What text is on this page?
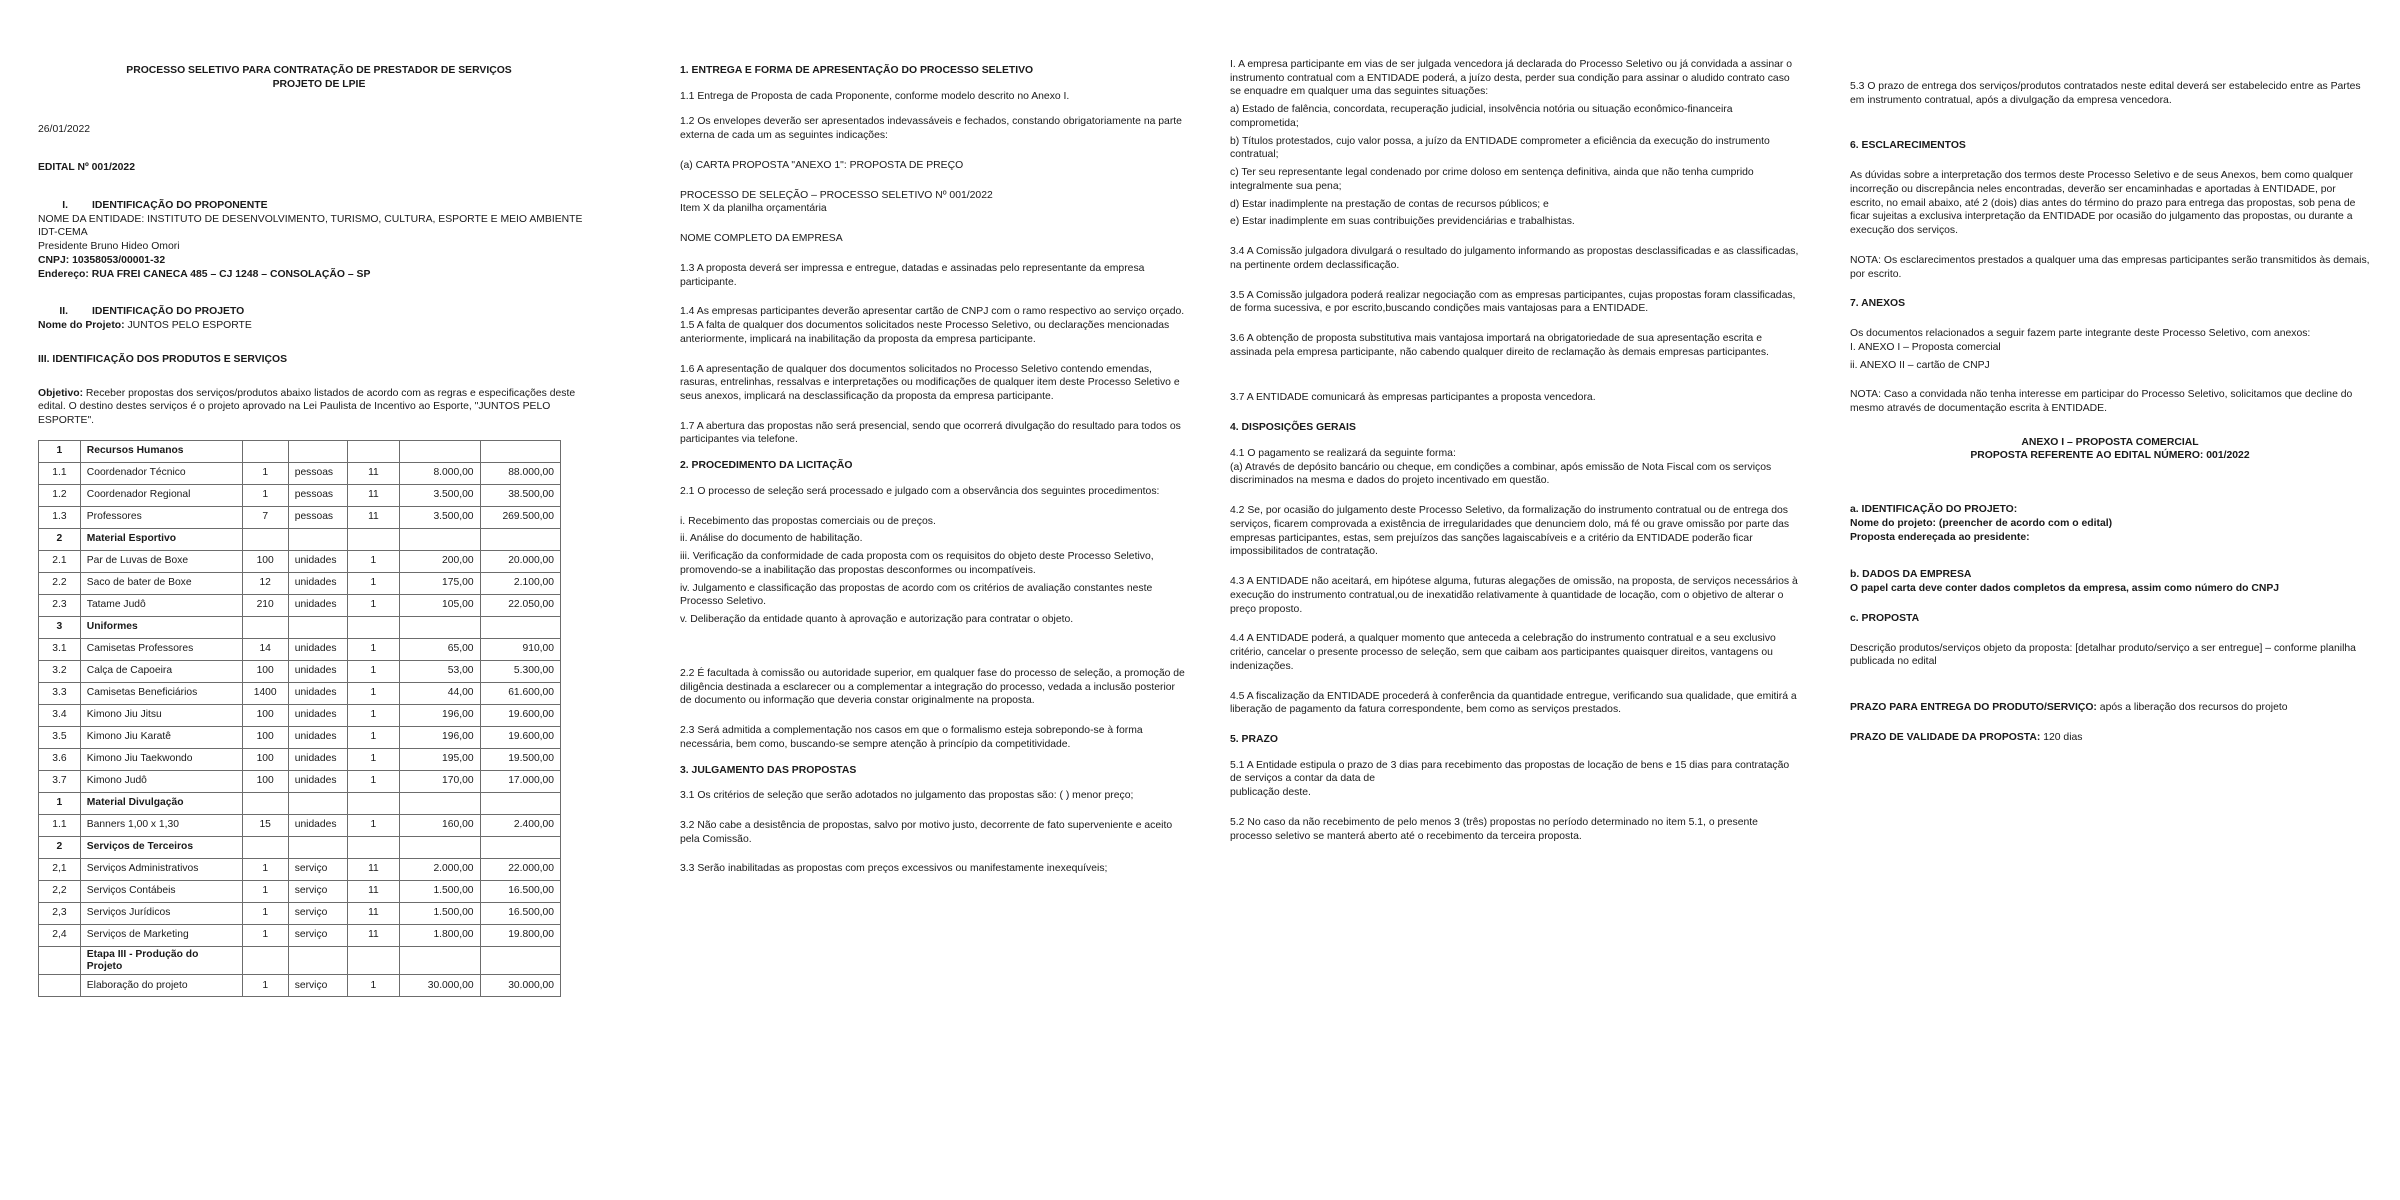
PROCESSO SELETIVO PARA CONTRATAÇÃO DE PRESTADOR DE SERVIÇOS

PROJETO DE LPIE

26/01/2022

EDITAL Nº 001/2022

I. IDENTIFICAÇÃO DO PROPONENTE

NOME DA ENTIDADE: INSTITUTO DE DESENVOLVIMENTO, TURISMO, CULTURA, ESPORTE E MEIO AMBIENTE IDT-CEMA

Presidente Bruno Hideo Omori

CNPJ: 10358053/00001-32

Endereço: RUA FREI CANECA 485 – CJ 1248 – CONSOLAÇÃO – SP

II. IDENTIFICAÇÃO DO PROJETO

Nome do Projeto: JUNTOS PELO ESPORTE

III. IDENTIFICAÇÃO DOS PRODUTOS E SERVIÇOS

Objetivo: Receber propostas dos serviços/produtos abaixo listados de acordo com as regras e especificações deste edital. O destino destes serviços é o projeto aprovado na Lei Paulista de Incentivo ao Esporte, "JUNTOS PELO ESPORTE".

1	Recursos Humanos					
1.1	Coordenador Técnico	1	pessoas	11	8.000,00	88.000,00
1.2	Coordenador Regional	1	pessoas	11	3.500,00	38.500,00
1.3	Professores	7	pessoas	11	3.500,00	269.500,00
2	Material Esportivo					
2.1	Par de Luvas de Boxe	100	unidades	1	200,00	20.000,00
2.2	Saco de bater de Boxe	12	unidades	1	175,00	2.100,00
2.3	Tatame Judô	210	unidades	1	105,00	22.050,00
3	Uniformes					
3.1	Camisetas Professores	14	unidades	1	65,00	910,00
3.2	Calça de Capoeira	100	unidades	1	53,00	5.300,00
3.3	Camisetas Beneficiários	1400	unidades	1	44,00	61.600,00
3.4	Kimono Jiu Jitsu	100	unidades	1	196,00	19.600,00
3.5	Kimono Jiu Karatê	100	unidades	1	196,00	19.600,00
3.6	Kimono Jiu Taekwondo	100	unidades	1	195,00	19.500,00
3.7	Kimono Judô	100	unidades	1	170,00	17.000,00
1	Material Divulgação					
1.1	Banners 1,00 x 1,30	15	unidades	1	160,00	2.400,00
2	Serviços de Terceiros					
2,1	Serviços Administrativos	1	serviço	11	2.000,00	22.000,00
2,2	Serviços Contábeis	1	serviço	11	1.500,00	16.500,00
2,3	Serviços Jurídicos	1	serviço	11	1.500,00	16.500,00
2,4	Serviços de Marketing	1	serviço	11	1.800,00	19.800,00
	Etapa III - Produção do Projeto					
	Elaboração do projeto	1	serviço	1	30.000,00	30.000,00

1. ENTREGA E FORMA DE APRESENTAÇÃO DO PROCESSO SELETIVO

1.1 Entrega de Proposta de cada Proponente, conforme modelo descrito no Anexo I.

1.2 Os envelopes deverão ser apresentados indevassáveis e fechados, constando obrigatoriamente na parte externa de cada um as seguintes indicações:

(a) CARTA PROPOSTA "ANEXO 1": PROPOSTA DE PREÇO

PROCESSO DE SELEÇÃO – PROCESSO SELETIVO Nº 001/2022

Item X da planilha orçamentária

NOME COMPLETO DA EMPRESA

1.3 A proposta deverá ser impressa e entregue, datadas e assinadas pelo representante da empresa participante.

1.4 As empresas participantes deverão apresentar cartão de CNPJ com o ramo respectivo ao serviço orçado.

1.5 A falta de qualquer dos documentos solicitados neste Processo Seletivo, ou declarações mencionadas anteriormente, implicará na inabilitação da proposta da empresa participante.

1.6 A apresentação de qualquer dos documentos solicitados no Processo Seletivo contendo emendas, rasuras, entrelinhas, ressalvas e interpretações ou modificações de qualquer item deste Processo Seletivo e seus anexos, implicará na desclassificação da proposta da empresa participante.

1.7 A abertura das propostas não será presencial, sendo que ocorrerá divulgação do resultado para todos os participantes via telefone.

2. PROCEDIMENTO DA LICITAÇÃO

2.1 O processo de seleção será processado e julgado com a observância dos seguintes procedimentos:

i. Recebimento das propostas comerciais ou de preços.

ii. Análise do documento de habilitação.

iii. Verificação da conformidade de cada proposta com os requisitos do objeto deste Processo Seletivo, promovendo-se a inabilitação das propostas desconformes ou incompatíveis.

iv. Julgamento e classificação das propostas de acordo com os critérios de avaliação constantes neste Processo Seletivo.

v. Deliberação da entidade quanto à aprovação e autorização para contratar o objeto.

2.2 É facultada à comissão ou autoridade superior, em qualquer fase do processo de seleção, a promoção de diligência destinada a esclarecer ou a complementar a integração do processo, vedada a inclusão posterior de documento ou informação que deveria constar originalmente na proposta.

2.3 Será admitida a complementação nos casos em que o formalismo esteja sobrepondo-se à forma necessária, bem como, buscando-se sempre atenção à princípio da competitividade.

3. JULGAMENTO DAS PROPOSTAS

3.1 Os critérios de seleção que serão adotados no julgamento das propostas são: ( ) menor preço;

3.2 Não cabe a desistência de propostas, salvo por motivo justo, decorrente de fato superveniente e aceito pela Comissão.

3.3 Serão inabilitadas as propostas com preços excessivos ou manifestamente inexequíveis;

I. A empresa participante em vias de ser julgada vencedora já declarada do Processo Seletivo ou já convidada a assinar o instrumento contratual com a ENTIDADE poderá, a juízo desta, perder sua condição para assinar o aludido contrato caso se enquadre em qualquer uma das seguintes situações:

a) Estado de falência, concordata, recuperação judicial, insolvência notória ou situação econômico-financeira comprometida;

b) Títulos protestados, cujo valor possa, a juízo da ENTIDADE comprometer a eficiência da execução do instrumento contratual;

c) Ter seu representante legal condenado por crime doloso em sentença definitiva, ainda que não tenha cumprido integralmente sua pena;

d) Estar inadimplente na prestação de contas de recursos públicos; e

e) Estar inadimplente em suas contribuições previdenciárias e trabalhistas.

3.4 A Comissão julgadora divulgará o resultado do julgamento informando as propostas desclassificadas e as classificadas, na pertinente ordem declassificação.

3.5 A Comissão julgadora poderá realizar negociação com as empresas participantes, cujas propostas foram classificadas, de forma sucessiva, e por escrito,buscando condições mais vantajosas para a ENTIDADE.

3.6 A obtenção de proposta substitutiva mais vantajosa importará na obrigatoriedade de sua apresentação escrita e assinada pela empresa participante, não cabendo qualquer direito de reclamação às demais empresas participantes.

3.7 A ENTIDADE comunicará às empresas participantes a proposta vencedora.

4. DISPOSIÇÕES GERAIS

4.1 O pagamento se realizará da seguinte forma:

(a) Através de depósito bancário ou cheque, em condições a combinar, após emissão de Nota Fiscal com os serviços discriminados na mesma e dados do projeto incentivado em questão.

4.2 Se, por ocasião do julgamento deste Processo Seletivo, da formalização do instrumento contratual ou de entrega dos serviços, ficarem comprovada a existência de irregularidades que denunciem dolo, má fé ou grave omissão por parte das empresas participantes, estas, sem prejuízos das sanções lagaiscabíveis e a critério da ENTIDADE poderão ficar impossibilitados de contratação.

4.3 A ENTIDADE não aceitará, em hipótese alguma, futuras alegações de omissão, na proposta, de serviços necessários à execução do instrumento contratual,ou de inexatidão relativamente à quantidade de locação, com o objetivo de alterar o preço proposto.

4.4 A ENTIDADE poderá, a qualquer momento que anteceda a celebração do instrumento contratual e a seu exclusivo critério, cancelar o presente processo de seleção, sem que caibam aos participantes quaisquer direitos, vantagens ou indenizações.

4.5 A fiscalização da ENTIDADE procederá à conferência da quantidade entregue, verificando sua qualidade, que emitirá a liberação de pagamento da fatura correspondente, bem como as serviços prestados.

5. PRAZO

5.1 A Entidade estipula o prazo de 3 dias para recebimento das propostas de locação de bens e 15 dias para contratação de serviços a contar da data de

publicação deste.

5.2 No caso da não recebimento de pelo menos 3 (três) propostas no período determinado no item 5.1, o presente processo seletivo se manterá aberto até o recebimento da terceira proposta.

5.3 O prazo de entrega dos serviços/produtos contratados neste edital deverá ser estabelecido entre as Partes em instrumento contratual, após a divulgação da empresa vencedora.

6. ESCLARECIMENTOS

As dúvidas sobre a interpretação dos termos deste Processo Seletivo e de seus Anexos, bem como qualquer incorreção ou discrepância neles encontradas, deverão ser encaminhadas e aportadas à ENTIDADE, por escrito, no email abaixo, até 2 (dois) dias antes do término do prazo para entrega das propostas, sob pena de ficar sujeitas a exclusiva interpretação da ENTIDADE por ocasião do julgamento das propostas, ou durante a execução dos serviços.

NOTA: Os esclarecimentos prestados a qualquer uma das empresas participantes serão transmitidos às demais, por escrito.

7. ANEXOS

Os documentos relacionados a seguir fazem parte integrante deste Processo Seletivo, com anexos:

I. ANEXO I – Proposta comercial

ii. ANEXO II – cartão de CNPJ

NOTA: Caso a convidada não tenha interesse em participar do Processo Seletivo, solicitamos que decline do mesmo através de documentação escrita à ENTIDADE.

ANEXO I – PROPOSTA COMERCIAL

PROPOSTA REFERENTE AO EDITAL NÚMERO: 001/2022

a. IDENTIFICAÇÃO DO PROJETO:

Nome do projeto: (preencher de acordo com o edital)

Proposta endereçada ao presidente:

b. DADOS DA EMPRESA

O papel carta deve conter dados completos da empresa, assim como número do CNPJ

c. PROPOSTA

Descrição produtos/serviços objeto da proposta: [detalhar produto/serviço a ser entregue] – conforme planilha publicada no edital

PRAZO PARA ENTREGA DO PRODUTO/SERVIÇO: após a liberação dos recursos do projeto

PRAZO DE VALIDADE DA PROPOSTA: 120 dias
